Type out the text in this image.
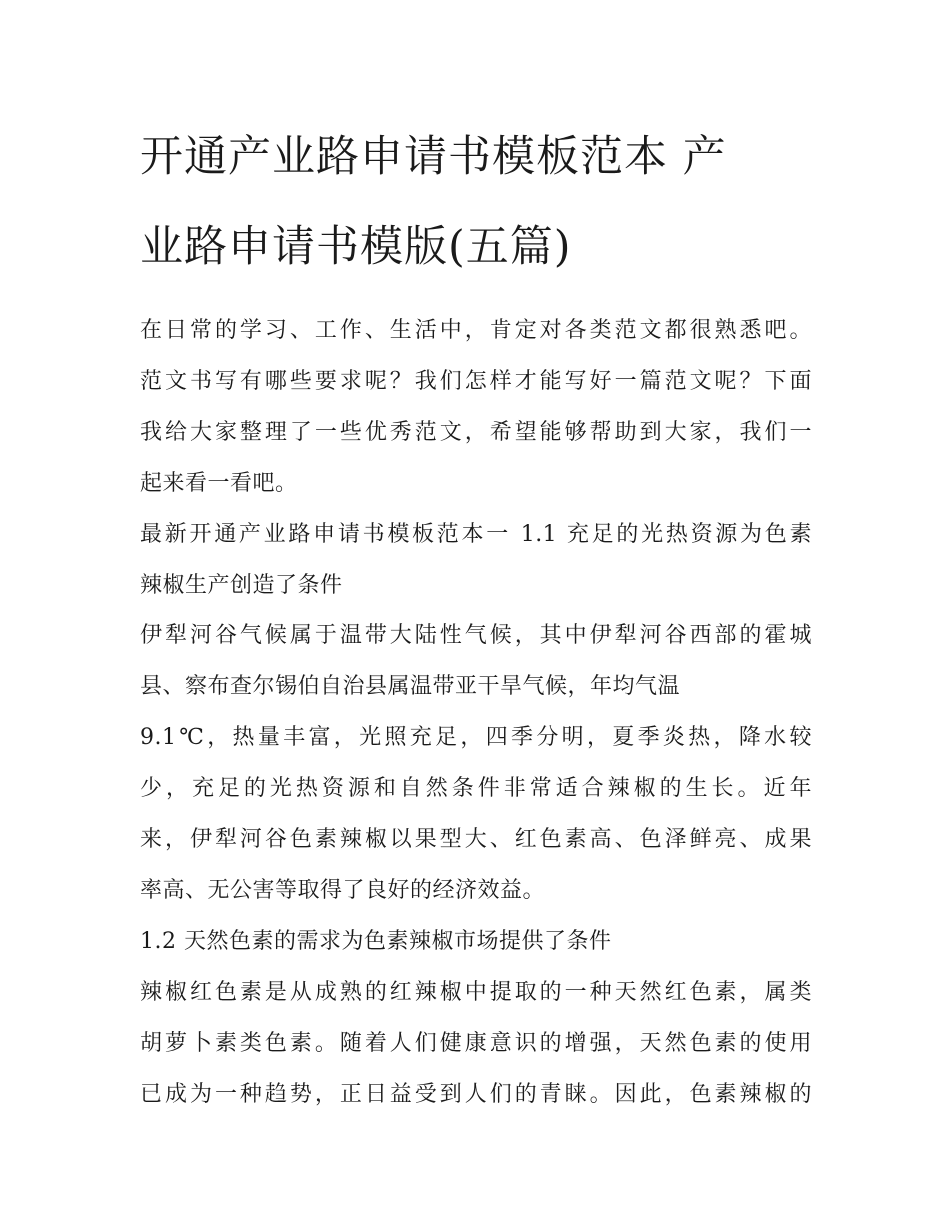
开通产业路申请书模板范本 产
业路申请书模版(五篇)
在日常的学习、工作、生活中，肯定对各类范文都很熟悉吧。
范文书写有哪些要求呢？我们怎样才能写好一篇范文呢？下面
我给大家整理了一些优秀范文，希望能够帮助到大家，我们一
起来看一看吧。
最新开通产业路申请书模板范本一 1.1 充足的光热资源为色素
辣椒生产创造了条件
伊犁河谷气候属于温带大陆性气候，其中伊犁河谷西部的霍城
县、察布查尔锡伯自治县属温带亚干旱气候，年均气温
9.1℃，热量丰富，光照充足，四季分明，夏季炎热，降水较
少，充足的光热资源和自然条件非常适合辣椒的生长。近年
来，伊犁河谷色素辣椒以果型大、红色素高、色泽鲜亮、成果
率高、无公害等取得了良好的经济效益。
1.2 天然色素的需求为色素辣椒市场提供了条件
辣椒红色素是从成熟的红辣椒中提取的一种天然红色素，属类
胡萝卜素类色素。随着人们健康意识的增强，天然色素的使用
已成为一种趋势，正日益受到人们的青睐。因此，色素辣椒的
